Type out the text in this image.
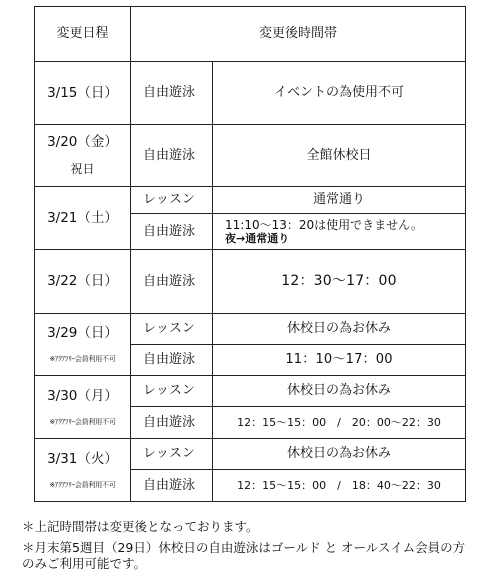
変更日程	変更後時間帯	

3/15（日）	自由遊泳	イベントの為使用不可

3/20（金）
祝日	自由遊泳	全館休校日

3/21（土）	レッスン	通常通り
	自由遊泳	11:10～13：20は使用できません。
夜→通常通り

3/22（日）	自由遊泳	12：30～17：00

3/29（日）
※ｱｸｱﾌﾘｰ会員利用不可	レッスン	休校日の為お休み
	自由遊泳	11：10～17：00

3/30（月）
※ｱｸｱﾌﾘｰ会員利用不可	レッスン	休校日の為お休み
	自由遊泳	12：15～15：00　/　20：00～22：30

3/31（火）
※ｱｸｱﾌﾘｰ会員利用不可	レッスン	休校日の為お休み
	自由遊泳	12：15～15：00　/　18：40～22：30
＊上記時間帯は変更後となっております。
＊月末第5週目（29日）休校日の自由遊泳はゴールド と オールスイム会員の方のみご利用可能です。
